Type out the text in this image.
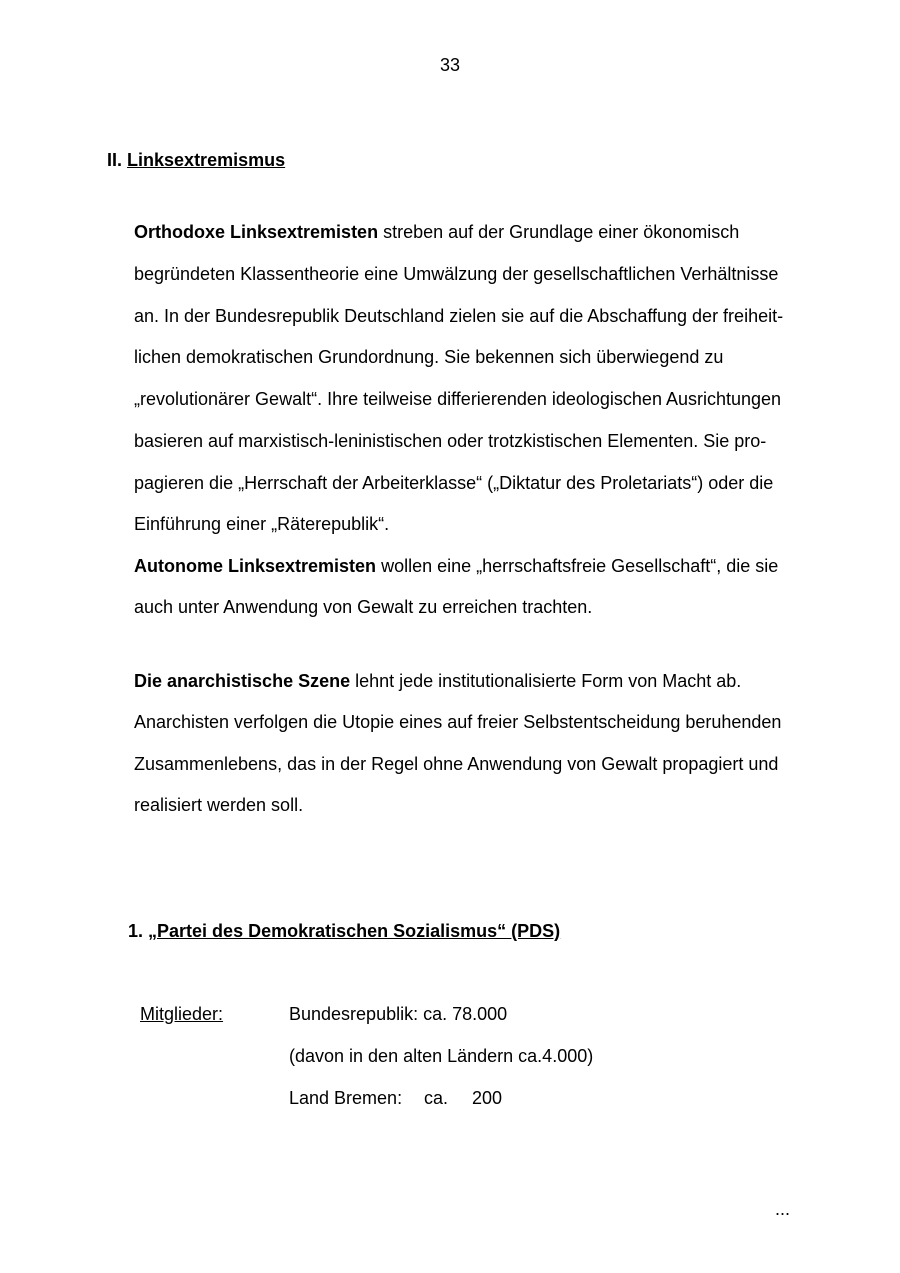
33
II. Linksextremismus
Orthodoxe Linksextremisten streben auf der Grundlage einer ökonomisch
begründeten Klassentheorie eine Umwälzung der gesellschaftlichen Verhältnisse
an. In der Bundesrepublik Deutschland zielen sie auf die Abschaffung der freiheit-
lichen demokratischen Grundordnung. Sie bekennen sich überwiegend zu
„revolutionärer Gewalt“. Ihre teilweise differierenden ideologischen Ausrichtungen
basieren auf marxistisch-leninistischen oder trotzkistischen Elementen. Sie pro-
pagieren die „Herrschaft der Arbeiterklasse“ („Diktatur des Proletariats“) oder die
Einführung einer „Räterepublik“.
Autonome Linksextremisten wollen eine „herrschaftsfreie Gesellschaft“, die sie
auch unter Anwendung von Gewalt zu erreichen trachten.
Die anarchistische Szene lehnt jede institutionalisierte Form von Macht ab.
Anarchisten verfolgen die Utopie eines auf freier Selbstentscheidung beruhenden
Zusammenlebens, das in der Regel ohne Anwendung von Gewalt propagiert und
realisiert werden soll.
1. „Partei des Demokratischen Sozialismus“ (PDS)
Mitglieder:	Bundesrepublik: ca. 78.000
(davon in den alten Ländern ca.4.000)
Land Bremen: ca. 200
...
